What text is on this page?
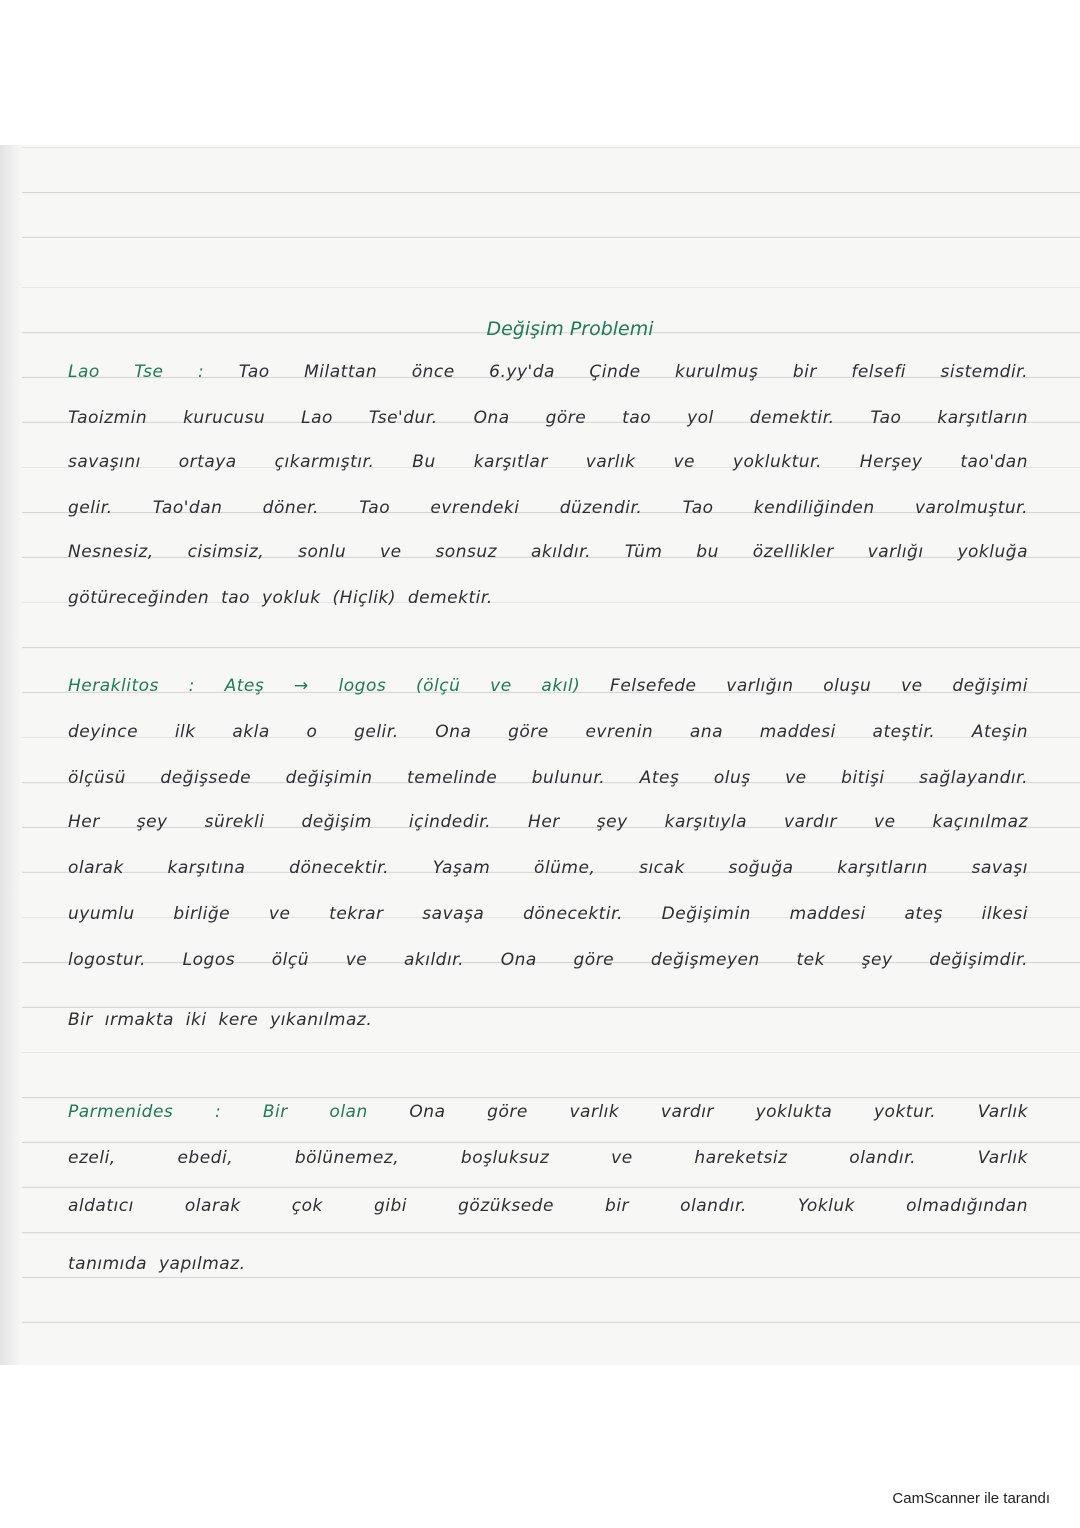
Değişim Problemi
Lao Tse : Tao Milattan önce 6.yy'da Çinde kurulmuş bir felsefi sistemdir.
Taoizmin kurucusu Lao Tse'dur. Ona göre tao yol demektir. Tao karşıtların
savaşını ortaya çıkarmıştır. Bu karşıtlar varlık ve yokluktur. Herşey tao'dan
gelir. Tao'dan döner. Tao evrendeki düzendir. Tao kendiliğinden varolmuştur.
Nesnesiz, cisimsiz, sonlu ve sonsuz akıldır. Tüm bu özellikler varlığı yokluğa
götüreceğinden tao yokluk (Hiçlik) demektir.
Heraklitos : Ateş → logos (ölçü ve akıl) Felsefede varlığın oluşu ve değişimi
deyince ilk akla o gelir. Ona göre evrenin ana maddesi ateştir. Ateşin
ölçüsü değişsede değişimin temelinde bulunur. Ateş oluş ve bitişi sağlayandır.
Her şey sürekli değişim içindedir. Her şey karşıtıyla vardır ve kaçınılmaz
olarak karşıtına dönecektir. Yaşam ölüme, sıcak soğuğa karşıtların savaşı
uyumlu birliğe ve tekrar savaşa dönecektir. Değişimin maddesi ateş ilkesi
logostur. Logos ölçü ve akıldır. Ona göre değişmeyen tek şey değişimdir.
Bir ırmakta iki kere yıkanılmaz.
Parmenides : Bir olan Ona göre varlık vardır yoklukta yoktur. Varlık
ezeli, ebedi, bölünemez, boşluksuz ve hareketsiz olandır. Varlık
aldatıcı olarak çok gibi gözüksede bir olandır. Yokluk olmadığından
tanımıda yapılmaz.
CamScanner ile tarandı
